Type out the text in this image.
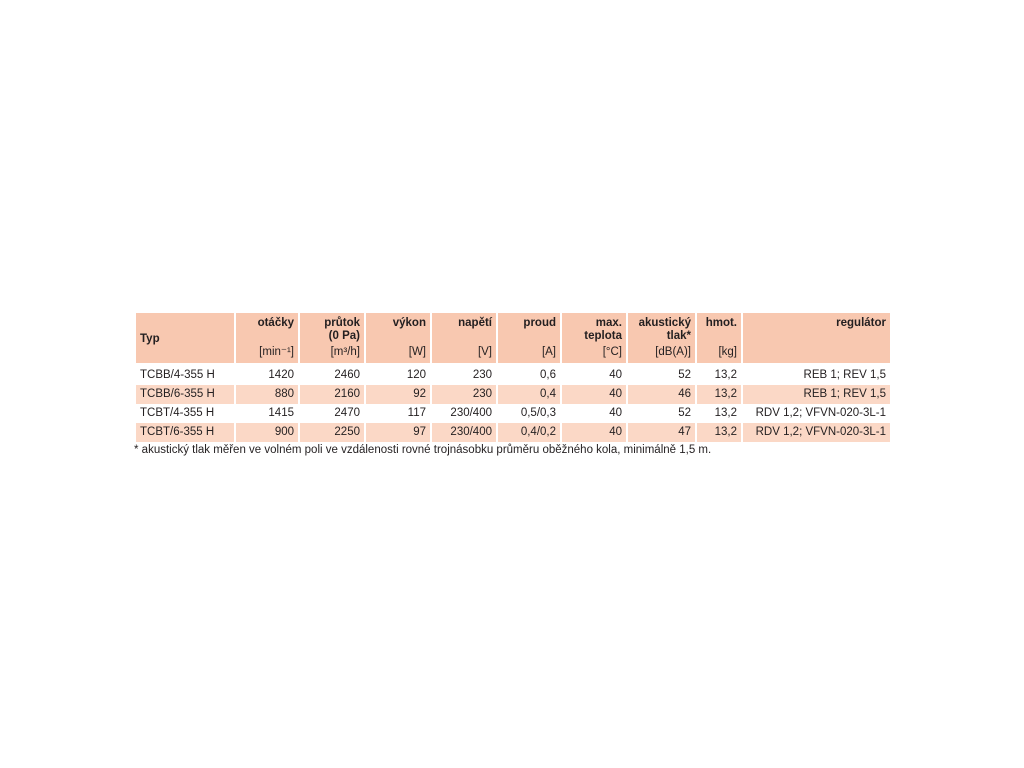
Typ	otáčky	průtok (0 Pa)	výkon	napětí	proud	max. teplota	akustický tlak*	hmot.	regulátor
	[min⁻¹]	[m³/h]	[W]	[V]	[A]	[°C]	[dB(A)]	[kg]	

TCBB/4-355 H	1420	2460	120	230	0,6	40	52	13,2	REB 1; REV 1,5
TCBB/6-355 H	880	2160	92	230	0,4	40	46	13,2	REB 1; REV 1,5
TCBT/4-355 H	1415	2470	117	230/400	0,5/0,3	40	52	13,2	RDV 1,2; VFVN-020-3L-1
TCBT/6-355 H	900	2250	97	230/400	0,4/0,2	40	47	13,2	RDV 1,2; VFVN-020-3L-1
* akustický tlak měřen ve volném poli ve vzdálenosti rovné trojnásobku průměru oběžného kola, minimálně 1,5 m.
